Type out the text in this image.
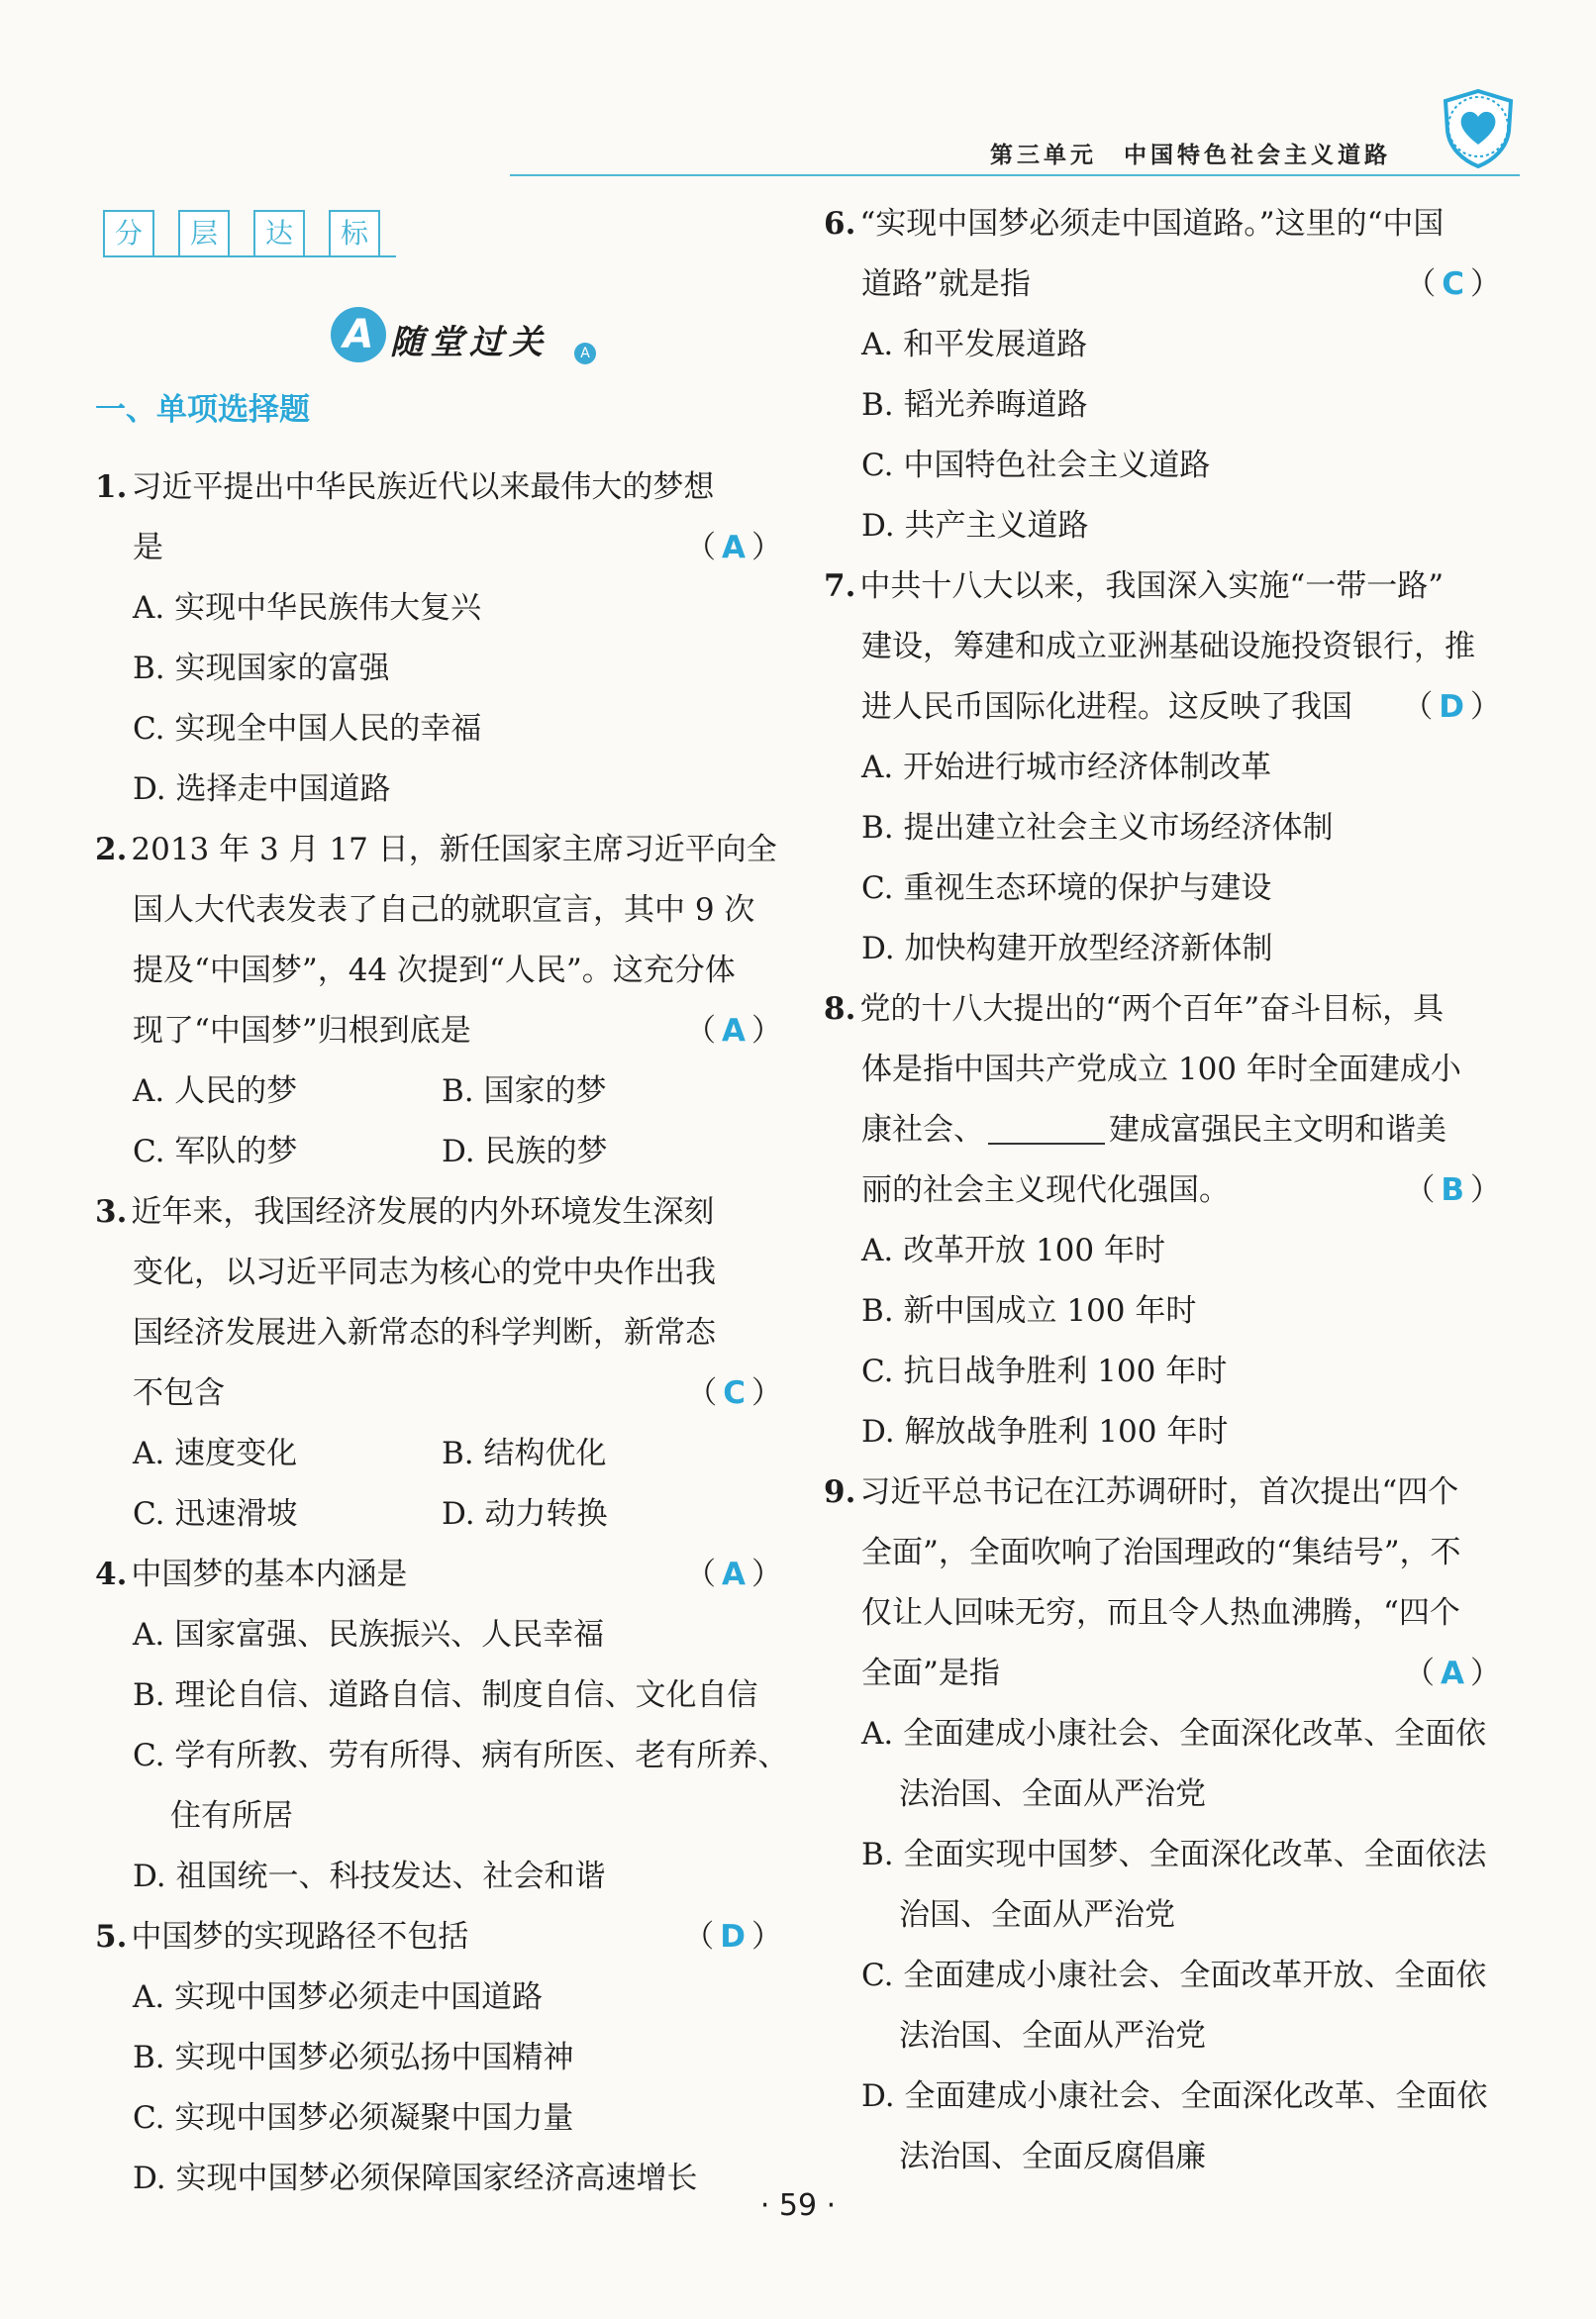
第三单元　中国特色社会主义道路
分	层	达	标
A 随堂过关	A
一、单项选择题
1. 习近平提出中华民族近代以来最伟大的梦想
是	（A）
A. 实现中华民族伟大复兴
B. 实现国家的富强
C. 实现全中国人民的幸福
D. 选择走中国道路
2. 2013 年 3 月 17 日，新任国家主席习近平向全
国人大代表发表了自己的就职宣言，其中 9 次
提及“中国梦”，44 次提到“人民”。这充分体
现了“中国梦”归根到底是	（A）
A. 人民的梦	B. 国家的梦
C. 军队的梦	D. 民族的梦
3. 近年来，我国经济发展的内外环境发生深刻
变化，以习近平同志为核心的党中央作出我
国经济发展进入新常态的科学判断，新常态
不包含	（C）
A. 速度变化	B. 结构优化
C. 迅速滑坡	D. 动力转换
4. 中国梦的基本内涵是	（A）
A. 国家富强、民族振兴、人民幸福
B. 理论自信、道路自信、制度自信、文化自信
C. 学有所教、劳有所得、病有所医、老有所养、
住有所居
D. 祖国统一、科技发达、社会和谐
5. 中国梦的实现路径不包括	（D）
A. 实现中国梦必须走中国道路
B. 实现中国梦必须弘扬中国精神
C. 实现中国梦必须凝聚中国力量
D. 实现中国梦必须保障国家经济高速增长
6. “实现中国梦必须走中国道路。”这里的“中国
道路”就是指	（C）
A. 和平发展道路
B. 韬光养晦道路
C. 中国特色社会主义道路
D. 共产主义道路
7. 中共十八大以来，我国深入实施“一带一路”
建设，筹建和成立亚洲基础设施投资银行，推
进人民币国际化进程。这反映了我国 （D）
A. 开始进行城市经济体制改革
B. 提出建立社会主义市场经济体制
C. 重视生态环境的保护与建设
D. 加快构建开放型经济新体制
8. 党的十八大提出的“两个百年”奋斗目标，具
体是指中国共产党成立 100 年时全面建成小
康社会、	建成富强民主文明和谐美
丽的社会主义现代化强国。	（B）
A. 改革开放 100 年时
B. 新中国成立 100 年时
C. 抗日战争胜利 100 年时
D. 解放战争胜利 100 年时
9. 习近平总书记在江苏调研时，首次提出“四个
全面”，全面吹响了治国理政的“集结号”，不
仅让人回味无穷，而且令人热血沸腾，“四个
全面”是指	（A）
A. 全面建成小康社会、全面深化改革、全面依
法治国、全面从严治党
B. 全面实现中国梦、全面深化改革、全面依法
治国、全面从严治党
C. 全面建成小康社会、全面改革开放、全面依
法治国、全面从严治党
D. 全面建成小康社会、全面深化改革、全面依
法治国、全面反腐倡廉
· 59 ·
